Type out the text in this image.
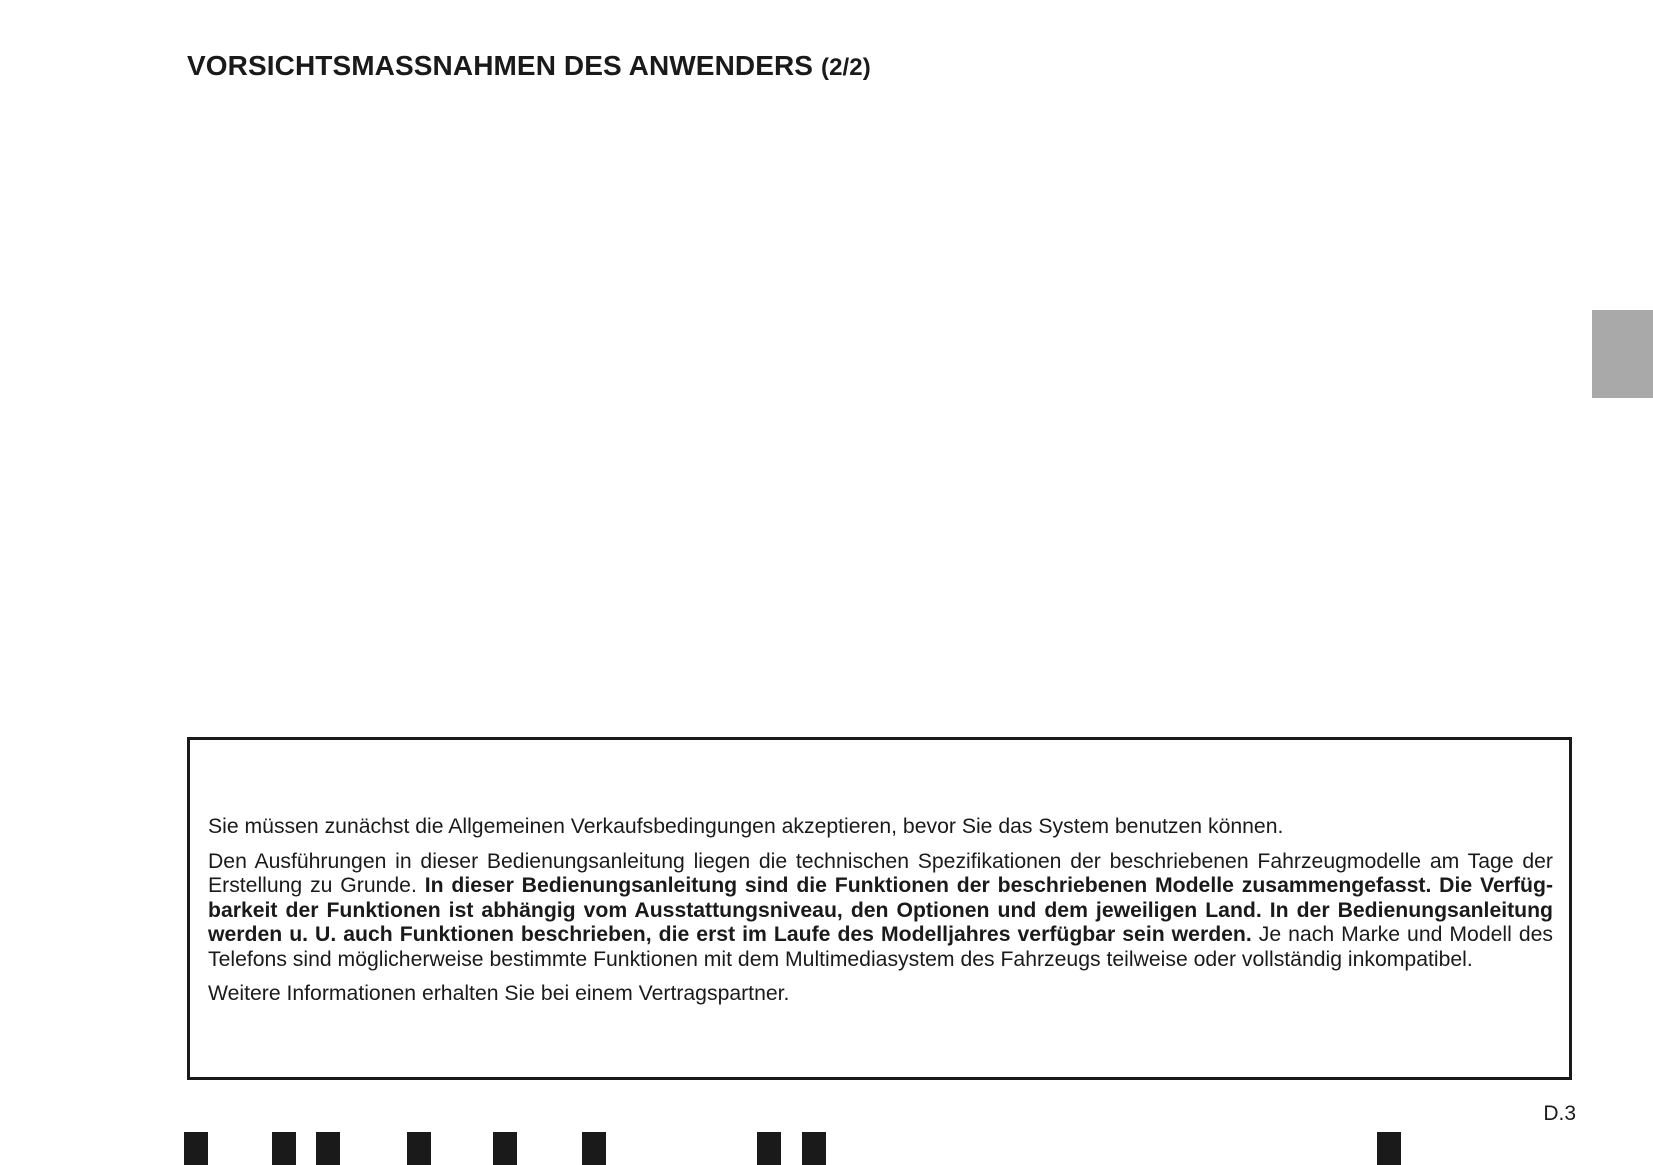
VORSICHTSMASSNAHMEN DES ANWENDERS (2/2)

Sie müssen zunächst die Allgemeinen Verkaufsbedingungen akzeptieren, bevor Sie das System benutzen können.

Den Ausführungen in dieser Bedienungsanleitung liegen die technischen Spezifikationen der beschriebenen Fahrzeugmodelle am Tage der Erstellung zu Grunde. In dieser Bedienungsanleitung sind die Funktionen der beschriebenen Modelle zusammengefasst. Die Verfügbarkeit der Funktionen ist abhängig vom Ausstattungsniveau, den Optionen und dem jeweiligen Land. In der Bedienungsanleitung werden u. U. auch Funktionen beschrieben, die erst im Laufe des Modelljahres verfügbar sein werden. Je nach Marke und Modell des Telefons sind möglicherweise bestimmte Funktionen mit dem Multimediasystem des Fahrzeugs teilweise oder vollständig inkompatibel.

Weitere Informationen erhalten Sie bei einem Vertragspartner.

D.3
